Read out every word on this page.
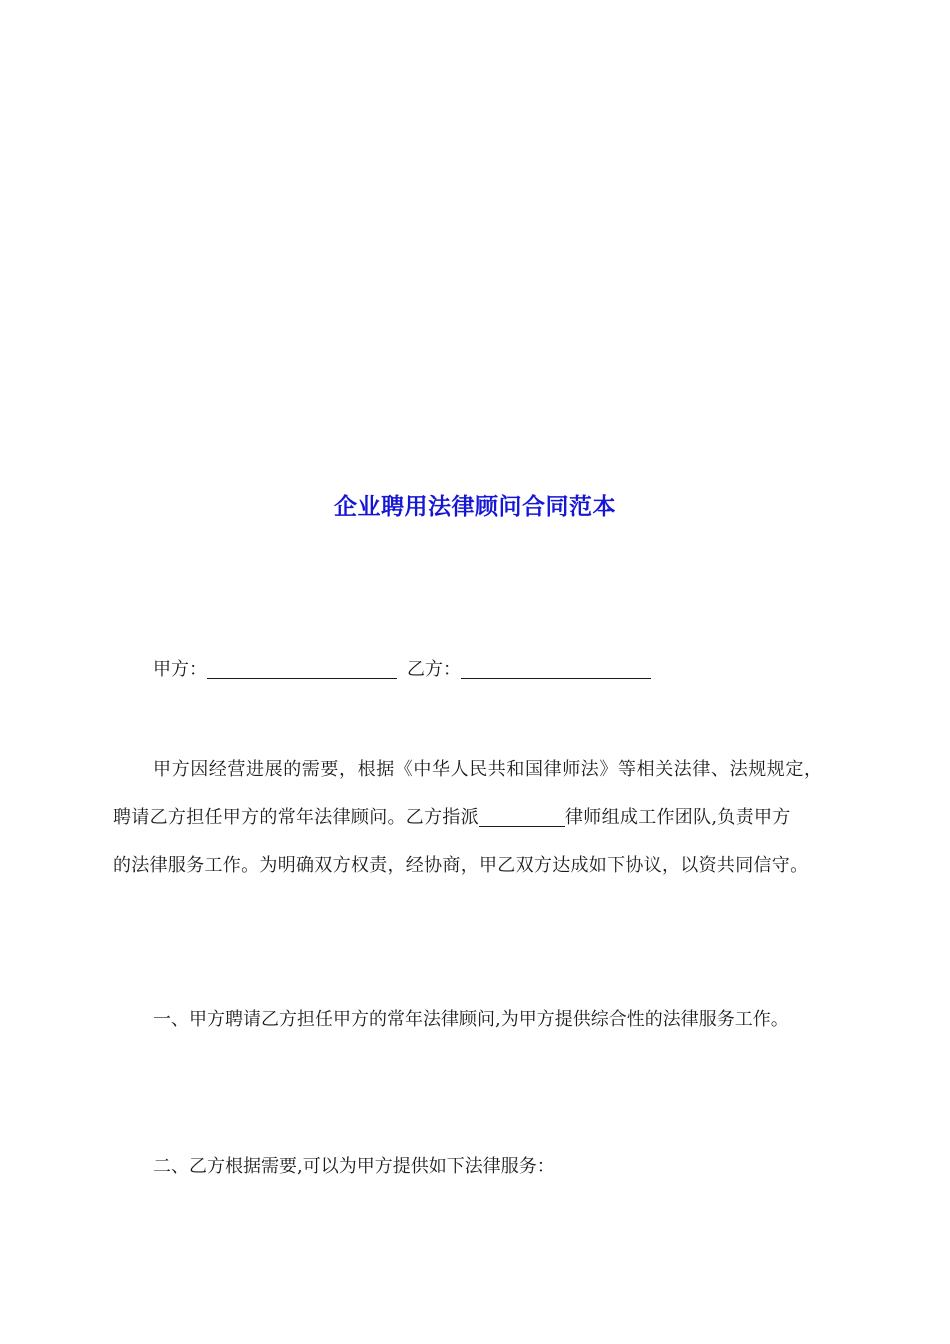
企业聘用法律顾问合同范本
甲方：	乙方：
甲方因经营进展的需要，根据《中华人民共和国律师法》等相关法律、法规规定，
聘请乙方担任甲方的常年法律顾问。乙方指派	律师组成工作团队,负责甲方
的法律服务工作。为明确双方权责，经协商，甲乙双方达成如下协议，以资共同信守。
一、甲方聘请乙方担任甲方的常年法律顾问,为甲方提供综合性的法律服务工作。
二、乙方根据需要,可以为甲方提供如下法律服务：
